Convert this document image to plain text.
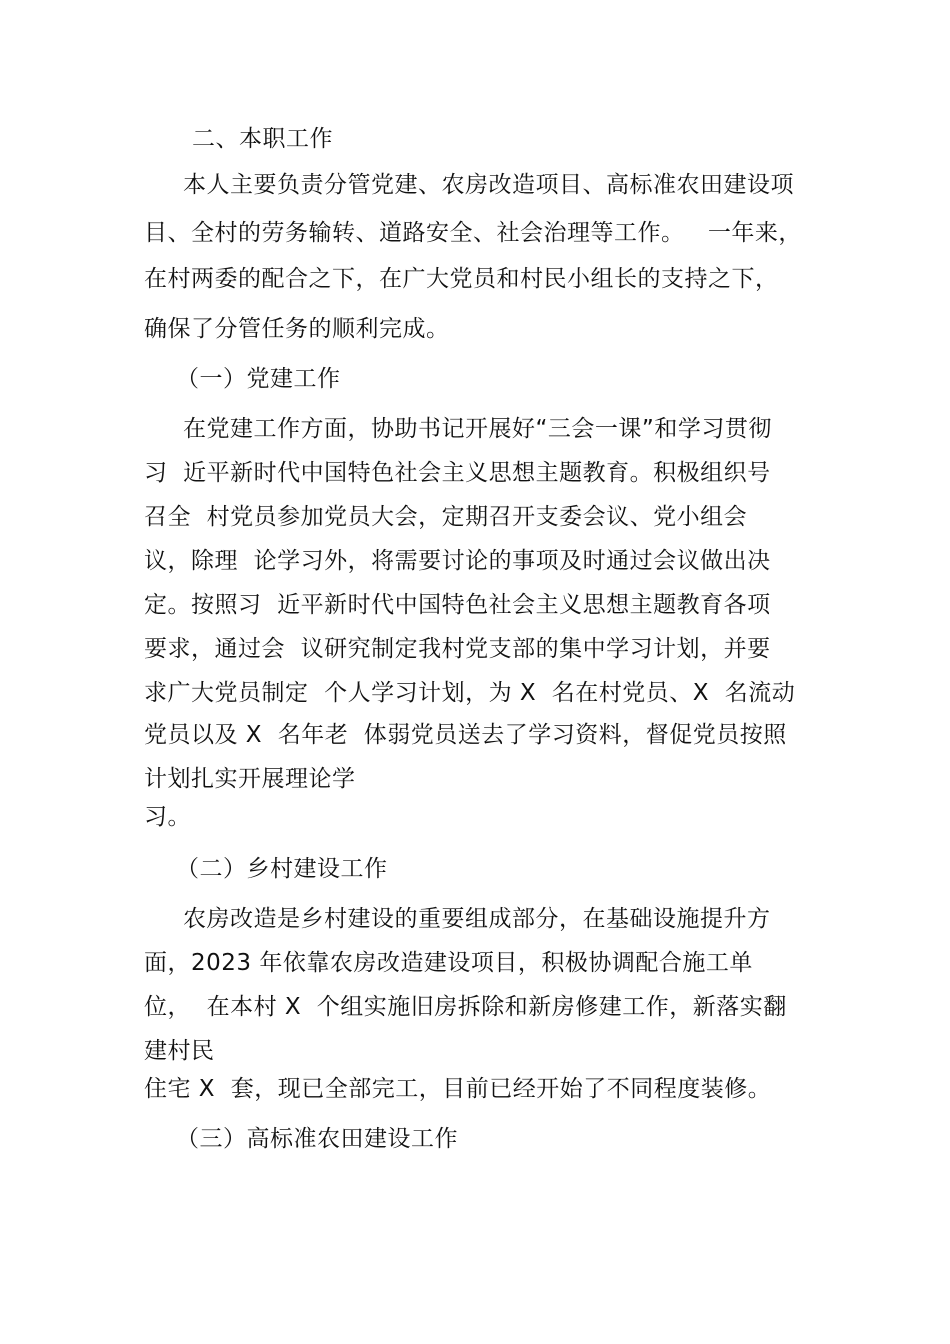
二、本职工作
本人主要负责分管党建、农房改造项目、高标准农田建设项
目、全村的劳务输转、道路安全、社会治理等工作。   一年来，
在村两委的配合之下，在广大党员和村民小组长的支持之下，
确保了分管任务的顺利完成。
（一）党建工作
在党建工作方面，协助书记开展好“三会一课”和学习贯彻
习  近平新时代中国特色社会主义思想主题教育。积极组织号
召全  村党员参加党员大会，定期召开支委会议、党小组会
议，除理  论学习外，将需要讨论的事项及时通过会议做出决
定。按照习  近平新时代中国特色社会主义思想主题教育各项
要求，通过会  议研究制定我村党支部的集中学习计划，并要
求广大党员制定  个人学习计划，为 X  名在村党员、X  名流动
党员以及 X  名年老  体弱党员送去了学习资料，督促党员按照
计划扎实开展理论学
习。
（二）乡村建设工作
农房改造是乡村建设的重要组成部分，在基础设施提升方
面，2023 年依靠农房改造建设项目，积极协调配合施工单
位，  在本村 X  个组实施旧房拆除和新房修建工作，新落实翻
建村民
住宅 X  套，现已全部完工，目前已经开始了不同程度装修。
（三）高标准农田建设工作
